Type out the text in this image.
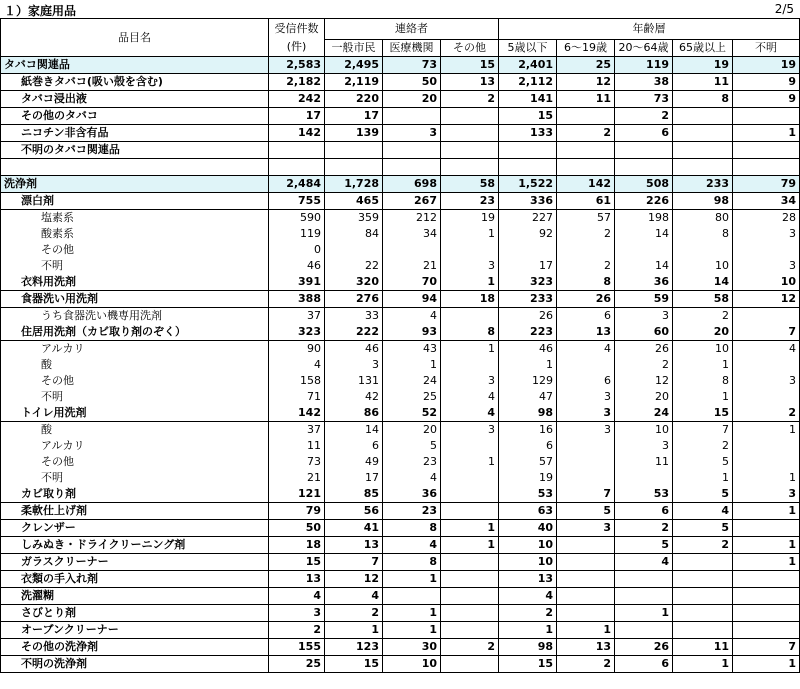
１）家庭用品	2/5
品目名	受信件数
(件)	連絡者			年齢層				
		一般市民	医療機関	その他	5歳以下	6～19歳	20～64歳	65歳以上	不明
タバコ関連品	2,583	2,495	73	15	2,401	25	119	19	19
紙巻きタバコ(吸い殻を含む)	2,182	2,119	50	13	2,112	12	38	11	9
タバコ浸出液	242	220	20	2	141	11	73	8	9
その他のタバコ	17	17			15		2		
ニコチン非含有品	142	139	3		133	2	6		1
不明のタバコ関連品									

洗浄剤	2,484	1,728	698	58	1,522	142	508	233	79
漂白剤	755	465	267	23	336	61	226	98	34
塩素系	590	359	212	19	227	57	198	80	28
酸素系	119	84	34	1	92	2	14	8	3
その他	0								
不明	46	22	21	3	17	2	14	10	3
衣料用洗剤	391	320	70	1	323	8	36	14	10
食器洗い用洗剤	388	276	94	18	233	26	59	58	12
うち食器洗い機専用洗剤	37	33	4		26	6	3	2	
住居用洗剤（カビ取り剤のぞく）	323	222	93	8	223	13	60	20	7
アルカリ	90	46	43	1	46	4	26	10	4
酸	4	3	1		1		2	1	
その他	158	131	24	3	129	6	12	8	3
不明	71	42	25	4	47	3	20	1	
トイレ用洗剤	142	86	52	4	98	3	24	15	2
酸	37	14	20	3	16	3	10	7	1
アルカリ	11	6	5		6		3	2	
その他	73	49	23	1	57		11	5	
不明	21	17	4		19			1	1
カビ取り剤	121	85	36		53	7	53	5	3
柔軟仕上げ剤	79	56	23		63	5	6	4	1
クレンザー	50	41	8	1	40	3	2	5	
しみぬき・ドライクリーニング剤	18	13	4	1	10		5	2	1
ガラスクリーナー	15	7	8		10		4		1
衣類の手入れ剤	13	12	1		13				
洗濯糊	4	4			4				
さびとり剤	3	2	1		2		1		
オーブンクリーナー	2	1	1		1	1			
その他の洗浄剤	155	123	30	2	98	13	26	11	7
不明の洗浄剤	25	15	10		15	2	6	1	1
